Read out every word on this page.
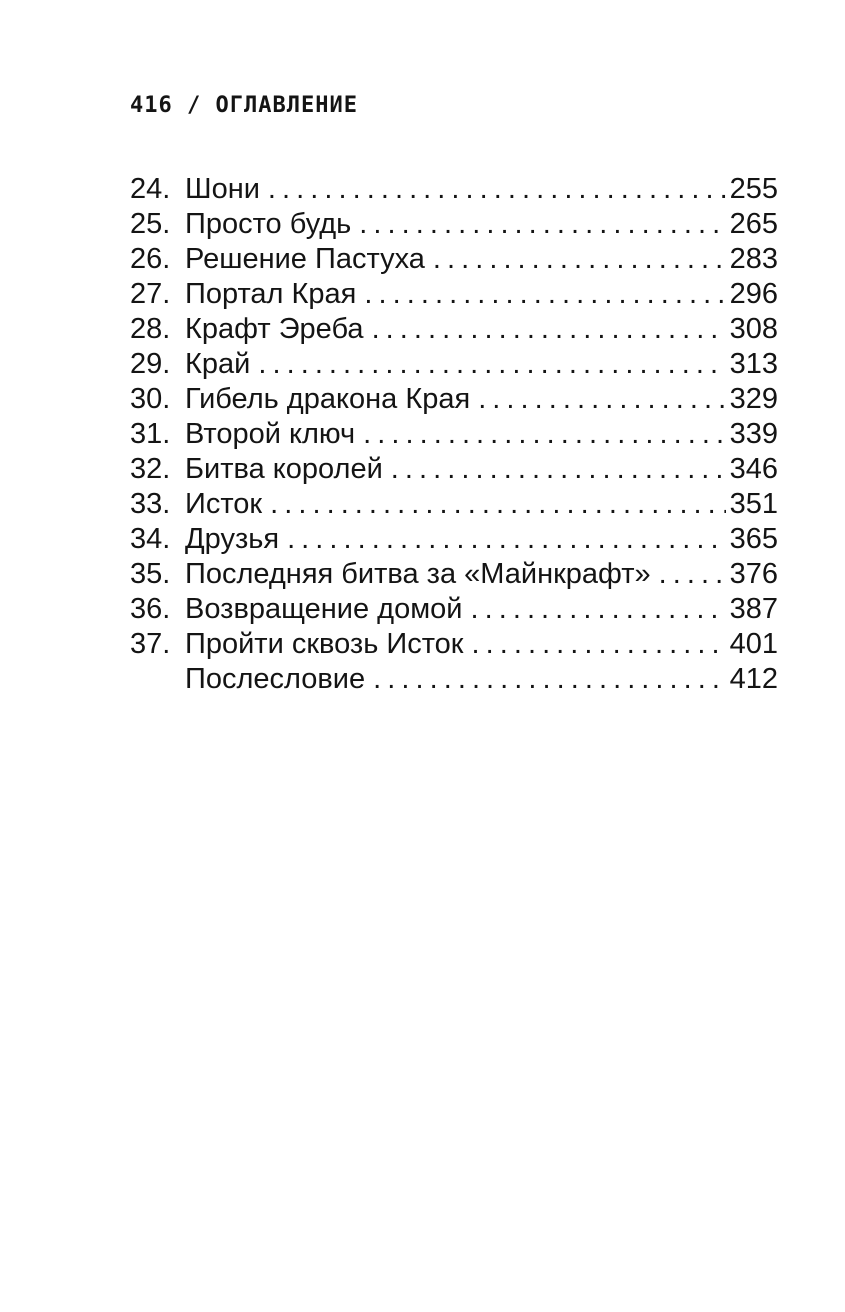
416 / ОГЛАВЛЕНИЕ
24. Шони . . .	255
25. Просто будь . . .	265
26. Решение Пастуха . . .	283
27. Портал Края . . .	296
28. Крафт Эреба . . .	308
29. Край . . .	313
30. Гибель дракона Края . . .	329
31. Второй ключ . . .	339
32. Битва королей . . .	346
33. Исток . . .	351
34. Друзья . . .	365
35. Последняя битва за «Майнкрафт» . . .	376
36. Возвращение домой . . .	387
37. Пройти сквозь Исток . . .	401
Послесловие . . .	412
